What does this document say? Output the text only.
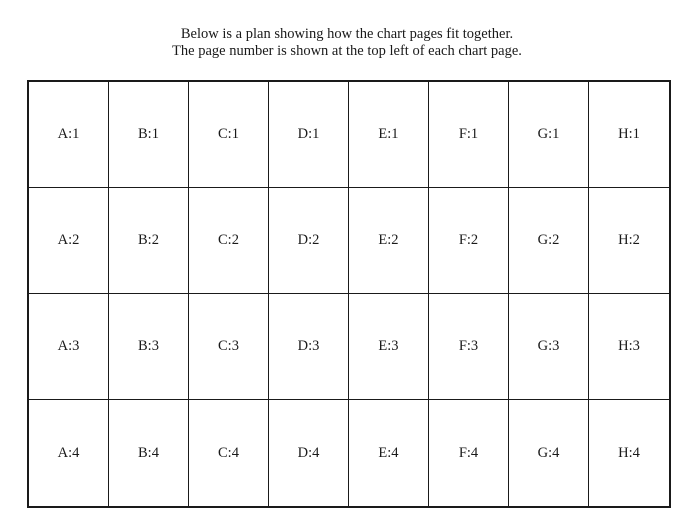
Below is a plan showing how the chart pages fit together.
The page number is shown at the top left of each chart page.
A:1	B:1	C:1	D:1	E:1	F:1	G:1	H:1
A:2	B:2	C:2	D:2	E:2	F:2	G:2	H:2
A:3	B:3	C:3	D:3	E:3	F:3	G:3	H:3
A:4	B:4	C:4	D:4	E:4	F:4	G:4	H:4
